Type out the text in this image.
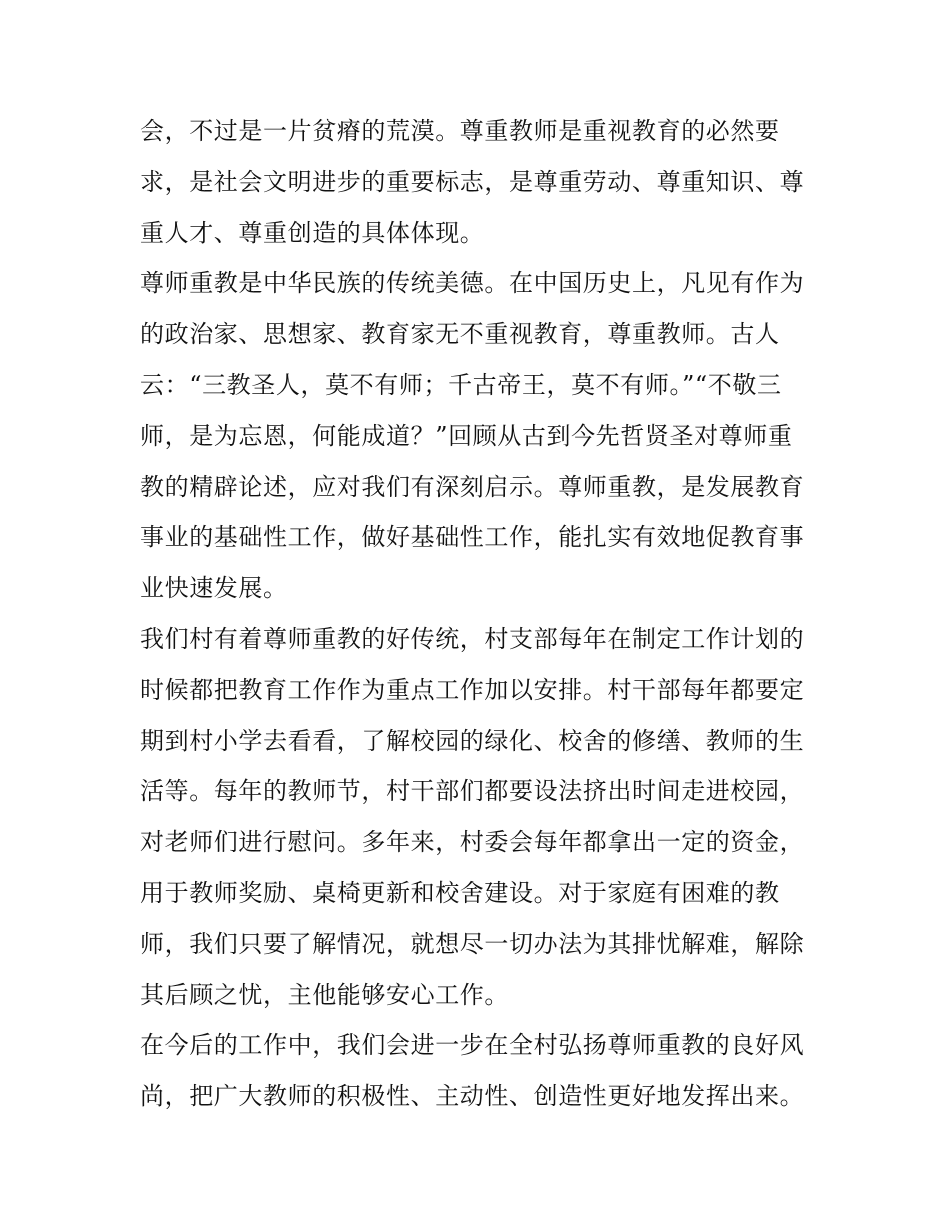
会，不过是一片贫瘠的荒漠。尊重教师是重视教育的必然要
求，是社会文明进步的重要标志，是尊重劳动、尊重知识、尊
重人才、尊重创造的具体体现。
尊师重教是中华民族的传统美德。在中国历史上，凡见有作为
的政治家、思想家、教育家无不重视教育，尊重教师。古人
云：“三教圣人，莫不有师；千古帝王，莫不有师。”“不敬三
师，是为忘恩，何能成道？”回顾从古到今先哲贤圣对尊师重
教的精辟论述，应对我们有深刻启示。尊师重教，是发展教育
事业的基础性工作，做好基础性工作，能扎实有效地促教育事
业快速发展。
我们村有着尊师重教的好传统，村支部每年在制定工作计划的
时候都把教育工作作为重点工作加以安排。村干部每年都要定
期到村小学去看看，了解校园的绿化、校舍的修缮、教师的生
活等。每年的教师节，村干部们都要设法挤出时间走进校园，
对老师们进行慰问。多年来，村委会每年都拿出一定的资金，
用于教师奖励、桌椅更新和校舍建设。对于家庭有困难的教
师，我们只要了解情况，就想尽一切办法为其排忧解难，解除
其后顾之忧，主他能够安心工作。
在今后的工作中，我们会进一步在全村弘扬尊师重教的良好风
尚，把广大教师的积极性、主动性、创造性更好地发挥出来。
